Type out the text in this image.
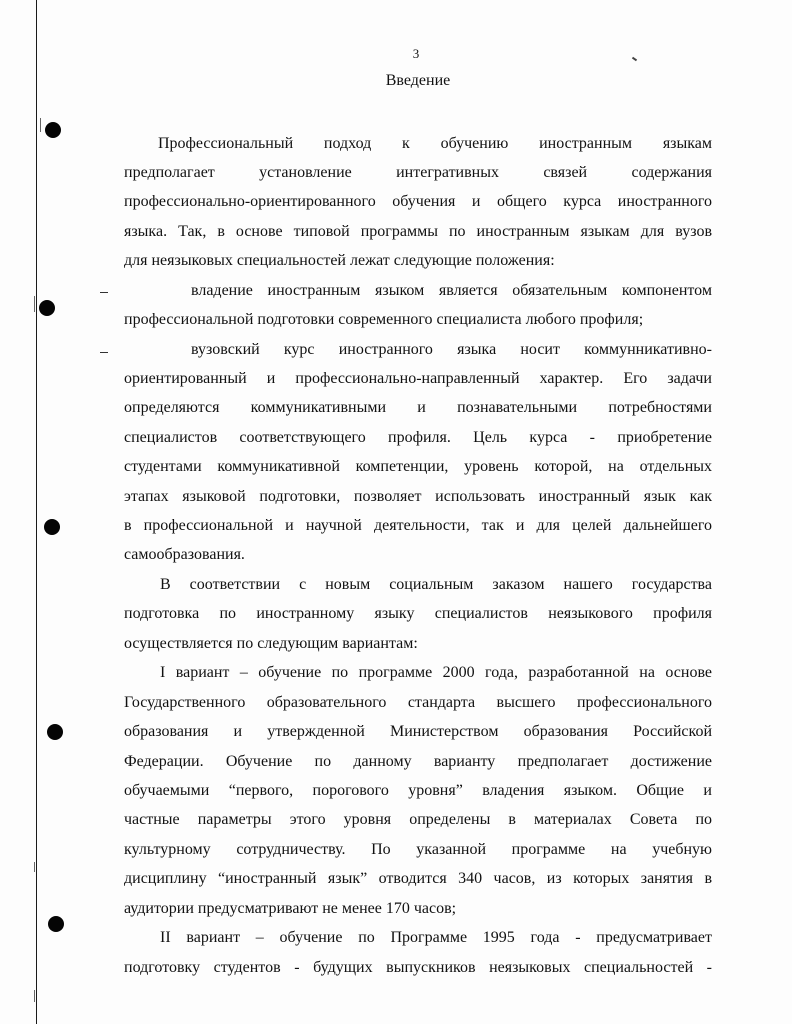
3
Введение
Профессиональный подход к обучению иностранным языкам
предполагает установление интегративных связей содержания
профессионально-ориентированного обучения и общего курса иностранного
языка. Так, в основе типовой программы по иностранным языкам для вузов
для неязыковых специальностей лежат следующие положения:
владение иностранным языком является обязательным компонентом
профессиональной подготовки современного специалиста любого профиля;
вузовский курс иностранного языка носит коммунникативно-
ориентированный и профессионально-направленный характер. Его задачи
определяются коммуникативными и познавательными потребностями
специалистов соответствующего профиля. Цель курса - приобретение
студентами коммуникативной компетенции, уровень которой, на отдельных
этапах языковой подготовки, позволяет использовать иностранный язык как
в профессиональной и научной деятельности, так и для целей дальнейшего
самообразования.
В соответствии с новым социальным заказом нашего государства
подготовка по иностранному языку специалистов неязыкового профиля
осуществляется по следующим вариантам:
I вариант – обучение по программе 2000 года, разработанной на основе
Государственного образовательного стандарта высшего профессионального
образования и утвержденной Министерством образования Российской
Федерации. Обучение по данному варианту предполагает достижение
обучаемыми “первого, порогового уровня” владения языком. Общие и
частные параметры этого уровня определены в материалах Совета по
культурному сотрудничеству. По указанной программе на учебную
дисциплину “иностранный язык” отводится 340 часов, из которых занятия в
аудитории предусматривают не менее 170 часов;
II вариант – обучение по Программе 1995 года - предусматривает
подготовку студентов - будущих выпускников неязыковых специальностей -
